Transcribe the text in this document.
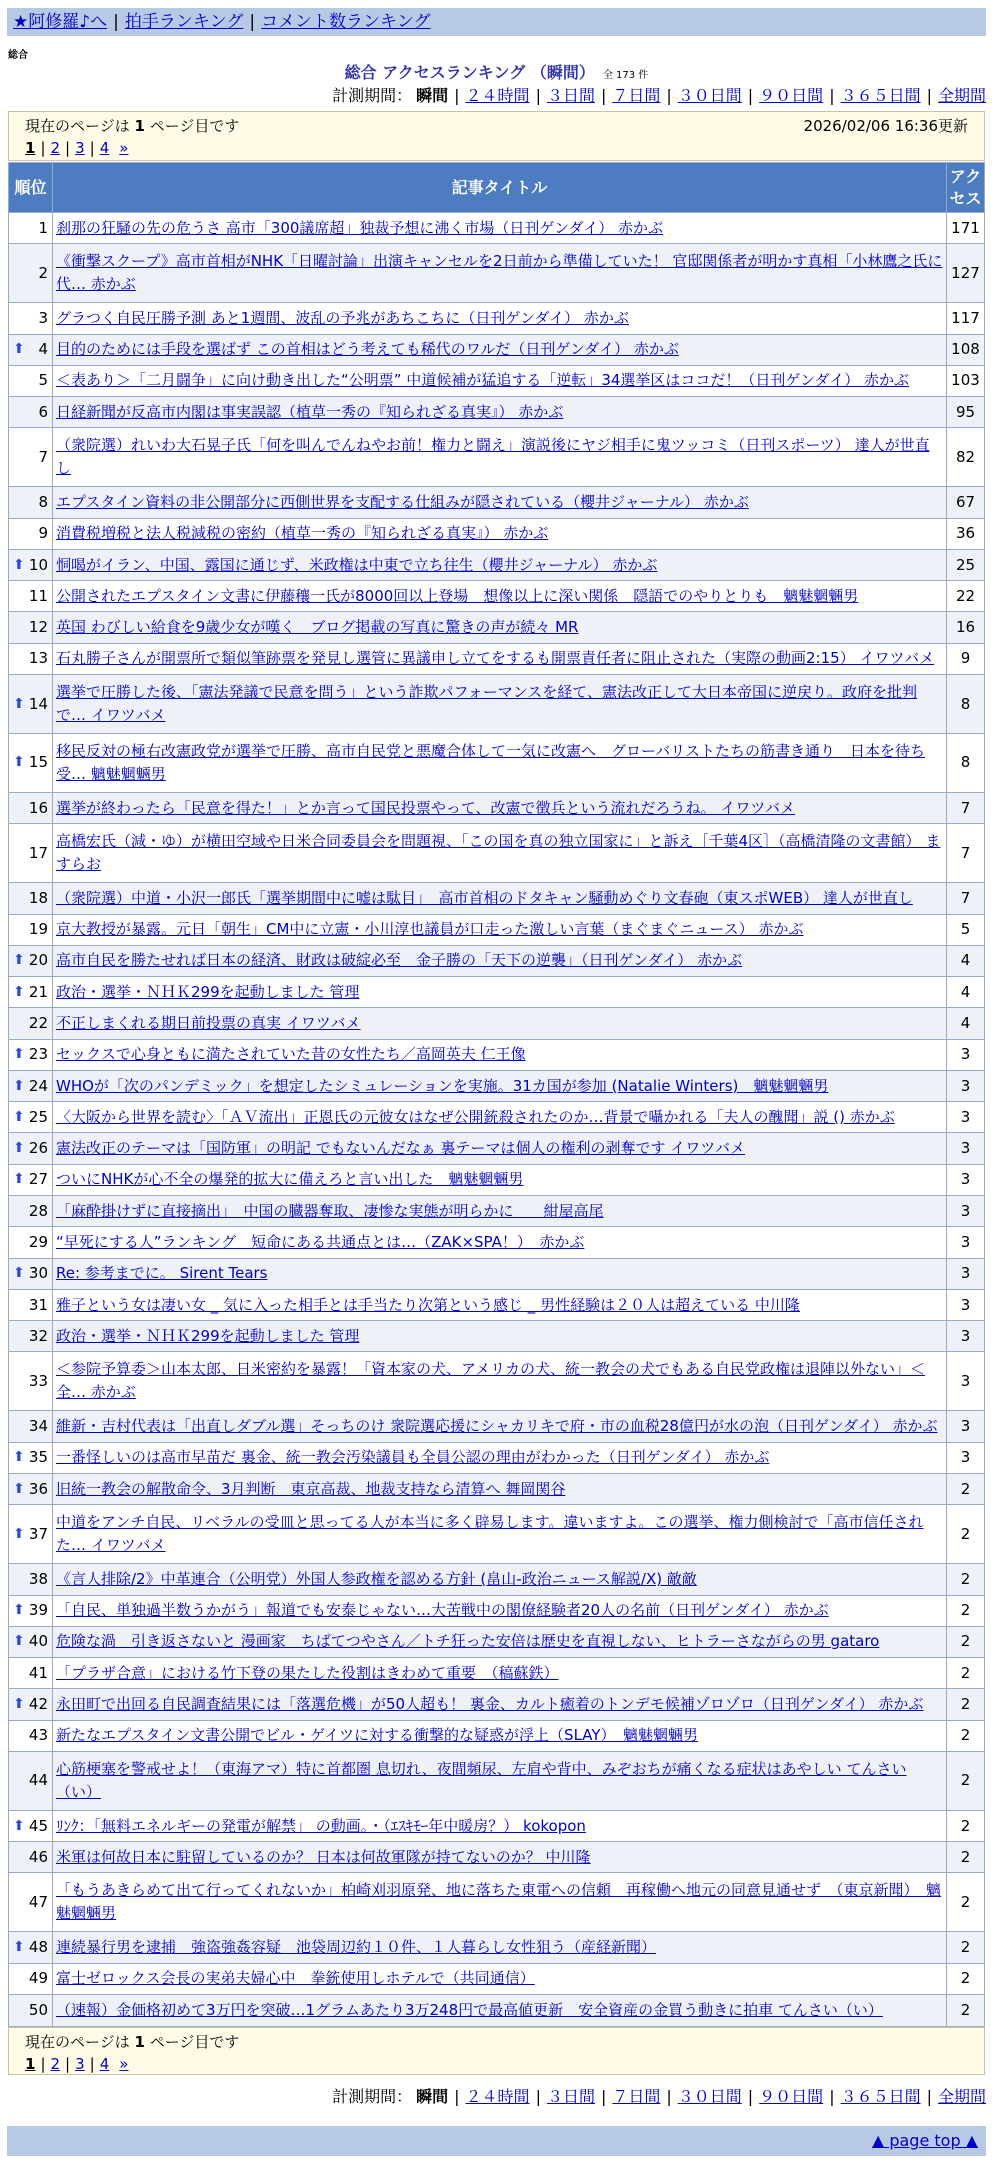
★阿修羅♪へ | 拍手ランキング | コメント数ランキング
総合
総合 アクセスランキング （瞬間） 全 173 件
計測期間： 瞬間 | ２４時間 | ３日間 | ７日間 | ３０日間 | ９０日間 | ３６５日間 | 全期間
現在のページは 1 ページ目です	2026/02/06 16:36更新
1 | 2 | 3 | 4 »
順位	記事タイトル	アクセス
1	刹那の狂騒の先の危うさ 高市「300議席超」独裁予想に沸く市場（日刊ゲンダイ） 赤かぶ	171
2	《衝撃スクープ》高市首相がNHK「日曜討論」出演キャンセルを2日前から準備していた！ 官邸関係者が明かす真相「小林鷹之氏に代… 赤かぶ	127
3	グラつく自民圧勝予測 あと1週間、波乱の予兆があちこちに（日刊ゲンダイ） 赤かぶ	117

⬆ 4	目的のためには手段を選ばず この首相はどう考えても稀代のワルだ（日刊ゲンダイ） 赤かぶ	108
5	＜表あり＞「二月闘争」に向け動き出した“公明票” 中道候補が猛追する「逆転」34選挙区はココだ！（日刊ゲンダイ） 赤かぶ	103
6	日経新聞が反高市内閣は事実誤認（植草一秀の『知られざる真実』） 赤かぶ	95
7	（衆院選）れいわ大石晃子氏「何を叫んでんねやお前！権力と闘え」演説後にヤジ相手に鬼ツッコミ（日刊スポーツ） 達人が世直し	82
8	エプスタイン資料の非公開部分に西側世界を支配する仕組みが隠されている（櫻井ジャーナル） 赤かぶ	67
9	消費税増税と法人税減税の密約（植草一秀の『知られざる真実』） 赤かぶ	36

⬆ 10	恫喝がイラン、中国、露国に通じず、米政権は中東で立ち往生（櫻井ジャーナル） 赤かぶ	25
11	公開されたエプスタイン文書に伊藤穰一氏が8000回以上登場　想像以上に深い関係　隠語でのやりとりも　魑魅魍魎男	22
12	英国 わびしい給食を9歳少女が嘆く　ブログ掲載の写真に驚きの声が続々 MR	16
13	石丸勝子さんが開票所で類似筆跡票を発見し選管に異議申し立てをするも開票責任者に阻止された（実際の動画2:15） イワツバメ	9

⬆ 14	選挙で圧勝した後、「憲法発議で民意を問う」という詐欺パフォーマンスを経て、憲法改正して大日本帝国に逆戻り。政府を批判で… イワツバメ	8

⬆ 15	移民反対の極右改憲政党が選挙で圧勝、高市自民党と悪魔合体して一気に改憲へ　グローバリストたちの筋書き通り　日本を待ち受… 魑魅魍魎男	8
16	選挙が終わったら「民意を得た！」とか言って国民投票やって、改憲で徴兵という流れだろうね。 イワツバメ	7
17	高橋宏氏（減・ゆ）が横田空域や日米合同委員会を問題視、「この国を真の独立国家に」と訴え［千葉4区］（高橋清隆の文書館） ますらお	7
18	（衆院選）中道・小沢一郎氏「選挙期間中に嘘は駄目」　高市首相のドタキャン騒動めぐり文春砲（東スポWEB） 達人が世直し	7
19	京大教授が暴露。元日「朝生」CM中に立憲・小川淳也議員が口走った激しい言葉（まぐまぐニュース） 赤かぶ	5

⬆ 20	高市自民を勝たせれば日本の経済、財政は破綻必至　金子勝の「天下の逆襲」（日刊ゲンダイ） 赤かぶ	4

⬆ 21	政治・選挙・ＮＨＫ299を起動しました 管理	4
22	不正しまくれる期日前投票の真実 イワツバメ	4

⬆ 23	セックスで心身ともに満たされていた昔の女性たち／高岡英夫 仁王像	3

⬆ 24	WHOが「次のパンデミック」を想定したシミュレーションを実施。31カ国が参加 (Natalie Winters)　魑魅魍魎男	3

⬆ 25	〈大阪から世界を読む〉「ＡＶ流出」正恩氏の元彼女はなぜ公開銃殺されたのか…背景で囁かれる「夫人の醜聞」説 () 赤かぶ	3

⬆ 26	憲法改正のテーマは「国防軍」の明記 でもないんだなぁ 裏テーマは個人の権利の剥奪です イワツバメ	3

⬆ 27	ついにNHKが心不全の爆発的拡大に備えろと言い出した　魑魅魍魎男	3
28	「麻酔掛けずに直接摘出」　中国の臓器奪取、凄惨な実態が明らかに　　紺屋高尾	3
29	“早死にする人”ランキング　短命にある共通点とは…（ZAK×SPA！）　赤かぶ	3

⬆ 30	Re: 参考までに。 Sirent Tears	3
31	雅子という女は凄い女 _ 気に入った相手とは手当たり次第という感じ _ 男性経験は２０人は超えている 中川隆	3
32	政治・選挙・ＮＨＫ299を起動しました 管理	3
33	＜参院予算委＞山本太郎、日米密約を暴露！「資本家の犬、アメリカの犬、統一教会の犬でもある自民党政権は退陣以外ない」＜全… 赤かぶ	3
34	維新・吉村代表は「出直しダブル選」そっちのけ 衆院選応援にシャカリキで府・市の血税28億円が水の泡（日刊ゲンダイ） 赤かぶ	3

⬆ 35	一番怪しいのは高市早苗だ 裏金、統一教会汚染議員も全員公認の理由がわかった（日刊ゲンダイ） 赤かぶ	3

⬆ 36	旧統一教会の解散命令、3月判断　東京高裁、地裁支持なら清算へ 舞岡関谷	2

⬆ 37	中道をアンチ自民、リベラルの受皿と思ってる人が本当に多く辟易します。違いますよ。この選挙、権力側検討で「高市信任された… イワツバメ	2
38	《言人排除/2》中革連合（公明党）外国人参政権を認める方針 (畠山-政治ニュース解説/X) 敵敵	2

⬆ 39	「自民、単独過半数うかがう」報道でも安泰じゃない…大苦戦中の閣僚経験者20人の名前（日刊ゲンダイ） 赤かぶ	2

⬆ 40	危険な渦　引き返さないと 漫画家　ちばてつやさん／トチ狂った安倍は歴史を直視しない、ヒトラーさながらの男 gataro	2
41	「プラザ合意」における竹下登の果たした役割はきわめて重要　（稿蘇鉄）	2

⬆ 42	永田町で出回る自民調査結果には「落選危機」が50人超も！ 裏金、カルト癒着のトンデモ候補ゾロゾロ（日刊ゲンダイ） 赤かぶ	2
43	新たなエプスタイン文書公開でビル・ゲイツに対する衝撃的な疑惑が浮上（SLAY）　魑魅魍魎男	2
44	心筋梗塞を警戒せよ！（東海アマ）特に首都圏 息切れ、夜間頻尿、左肩や背中、みぞおちが痛くなる症状はあやしい てんさい（い）	2

⬆ 45	ﾘﾝｸ：「無料エネルギーの発電が解禁」 の動画。・（ｴｽｷﾓｰ年中暖房？） kokopon	2
46	米軍は何故日本に駐留しているのか？ 日本は何故軍隊が持てないのか？ 中川隆	2
47	「もうあきらめて出て行ってくれないか」柏崎刈羽原発、地に落ちた東電への信頼　再稼働へ地元の同意見通せず　（東京新聞）　魑魅魍魎男	2

⬆ 48	連続暴行男を逮捕　強盗強姦容疑　池袋周辺約１０件、１人暮らし女性狙う（産経新聞）	2
49	富士ゼロックス会長の実弟夫婦心中　拳銃使用しホテルで（共同通信）	2
50	（速報）金価格初めて3万円を突破…1グラムあたり3万248円で最高値更新　安全資産の金買う動きに拍車 てんさい（い）	2
現在のページは 1 ページ目です
1 | 2 | 3 | 4 »
計測期間： 瞬間 | ２４時間 | ３日間 | ７日間 | ３０日間 | ９０日間 | ３６５日間 | 全期間
▲ page top ▲
